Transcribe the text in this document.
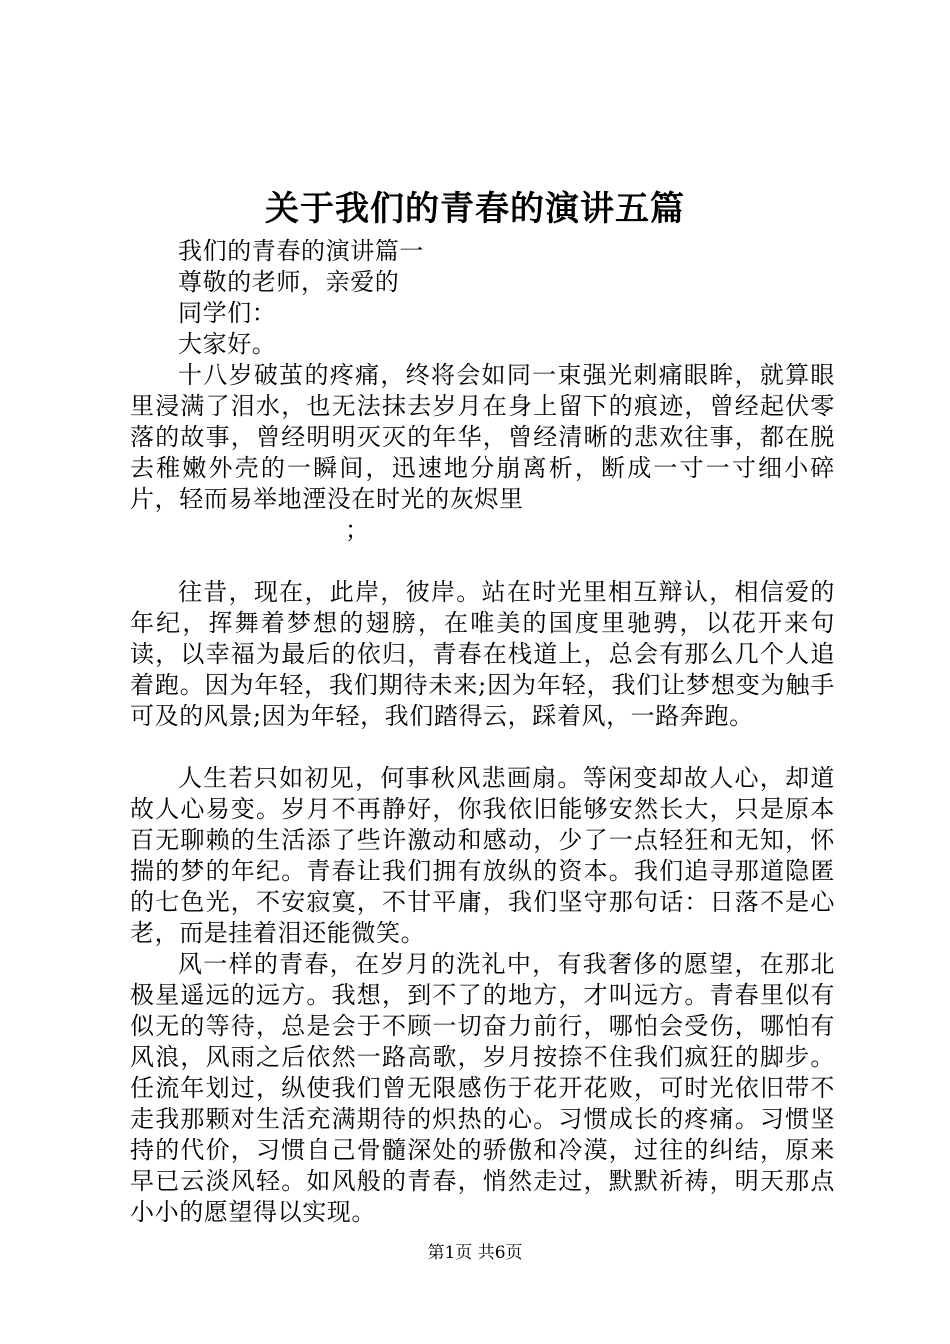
关于我们的青春的演讲五篇
我们的青春的演讲篇一
尊敬的老师，亲爱的
同学们：
大家好。

十八岁破茧的疼痛，终将会如同一束强光刺痛眼眸，就算眼里浸满了泪水，也无法抹去岁月在身上留下的痕迹，曾经起伏零落的故事，曾经明明灭灭的年华，曾经清晰的悲欢往事，都在脱去稚嫩外壳的一瞬间，迅速地分崩离析，断成一寸一寸细小碎片，轻而易举地湮没在时光的灰烬里

；

往昔，现在，此岸，彼岸。站在时光里相互辩认，相信爱的年纪，挥舞着梦想的翅膀，在唯美的国度里驰骋，以花开来句读，以幸福为最后的依归，青春在栈道上，总会有那么几个人追着跑。因为年轻，我们期待未来;因为年轻，我们让梦想变为触手可及的风景;因为年轻，我们踏得云，踩着风，一路奔跑。

人生若只如初见，何事秋风悲画扇。等闲变却故人心，却道故人心易变。岁月不再静好，你我依旧能够安然长大，只是原本百无聊赖的生活添了些许激动和感动，少了一点轻狂和无知，怀揣的梦的年纪。青春让我们拥有放纵的资本。我们追寻那道隐匿的七色光，不安寂寞，不甘平庸，我们坚守那句话：日落不是心老，而是挂着泪还能微笑。

风一样的青春，在岁月的洗礼中，有我奢侈的愿望，在那北极星遥远的远方。我想，到不了的地方，才叫远方。青春里似有似无的等待，总是会于不顾一切奋力前行，哪怕会受伤，哪怕有风浪，风雨之后依然一路高歌，岁月按捺不住我们疯狂的脚步。任流年划过，纵使我们曾无限感伤于花开花败，可时光依旧带不走我那颗对生活充满期待的炽热的心。习惯成长的疼痛。习惯坚持的代价，习惯自己骨髓深处的骄傲和冷漠，过往的纠结，原来早已云淡风轻。如风般的青春，悄然走过，默默祈祷，明天那点小小的愿望得以实现。

第1页 共6页
